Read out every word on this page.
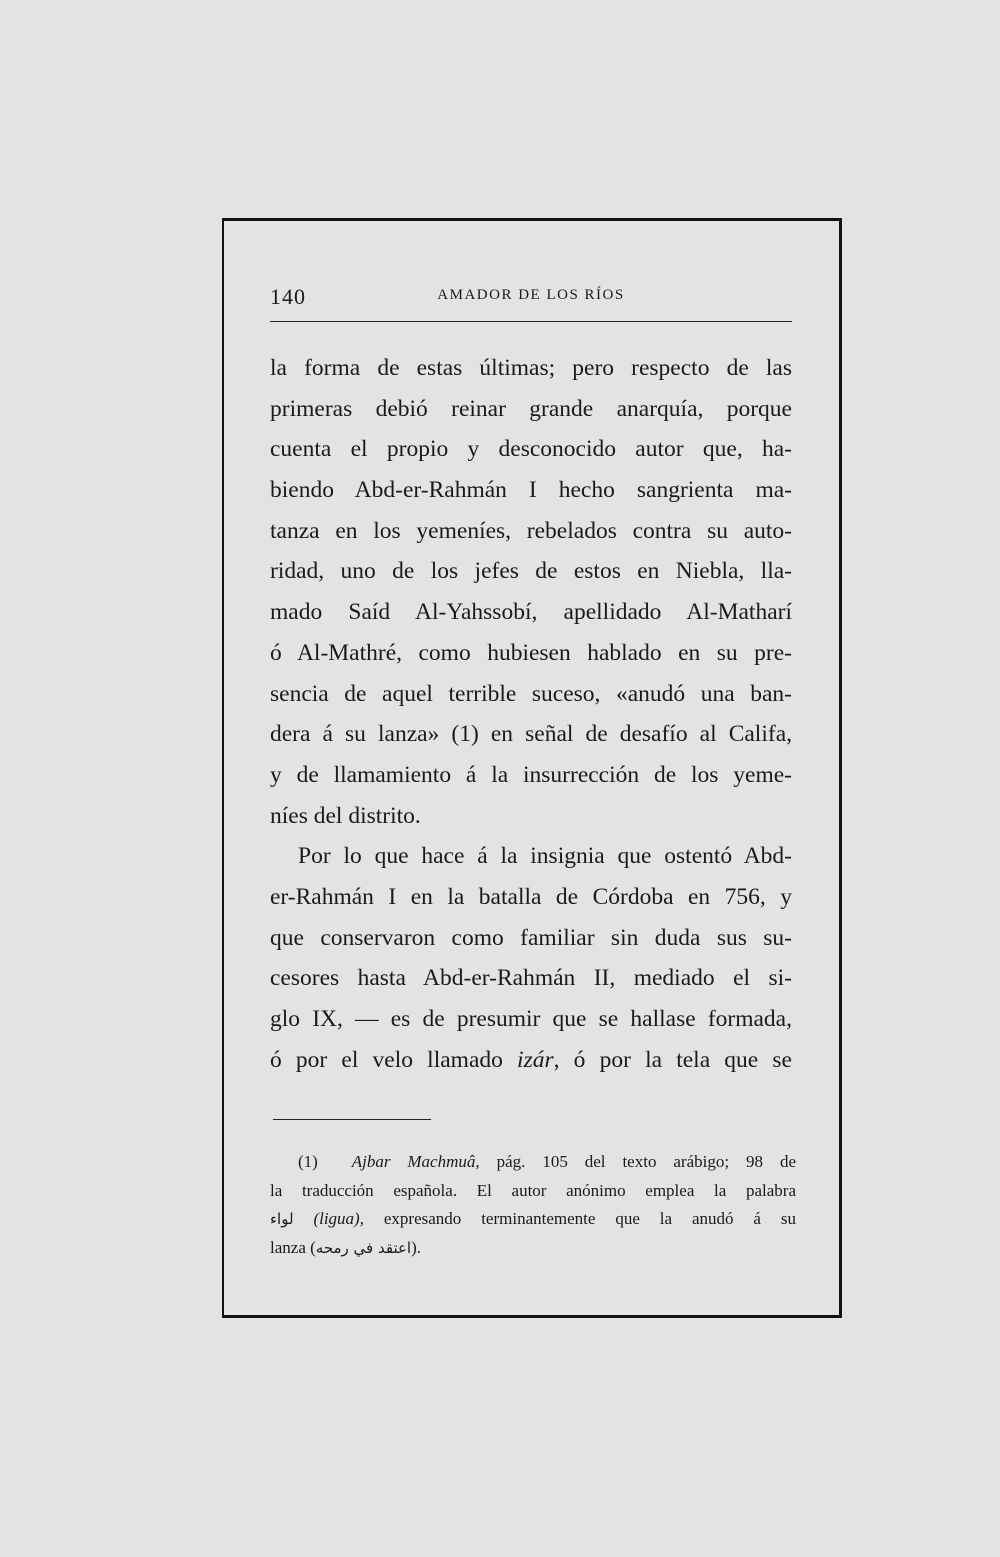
140	AMADOR DE LOS RÍOS
la forma de estas últimas; pero respecto de las
primeras debió reinar grande anarquía, porque
cuenta el propio y desconocido autor que, ha-
biendo Abd-er-Rahmán I hecho sangrienta ma-
tanza en los yemeníes, rebelados contra su auto-
ridad, uno de los jefes de estos en Niebla, lla-
mado Saíd Al-Yahssobí, apellidado Al-Matharí
ó Al-Mathré, como hubiesen hablado en su pre-
sencia de aquel terrible suceso, «anudó una ban-
dera á su lanza» (1) en señal de desafío al Califa,
y de llamamiento á la insurrección de los yeme-
níes del distrito.
Por lo que hace á la insignia que ostentó Abd-
er-Rahmán I en la batalla de Córdoba en 756, y
que conservaron como familiar sin duda sus su-
cesores hasta Abd-er-Rahmán II, mediado el si-
glo IX, — es de presumir que se hallase formada,
ó por el velo llamado izár, ó por la tela que se
(1) Ajbar Machmuâ, pág. 105 del texto arábigo; 98 de
la traducción española. El autor anónimo emplea la palabra
لواء (ligua), expresando terminantemente que la anudó á su
lanza (اعتقد في رمحه).
